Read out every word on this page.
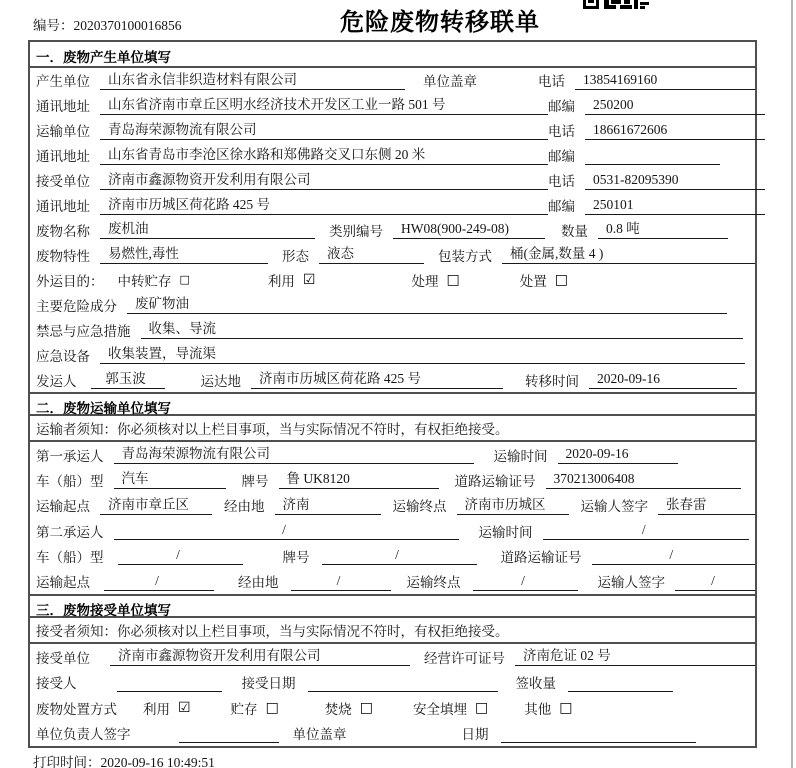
编号：2020370100016856	危险废物转移联单
一．废物产生单位填写
产生单位	山东省永信非织造材料有限公司	单位盖章	电话	13854169160
通讯地址	山东省济南市章丘区明水经济技术开发区工业一路 501 号	邮编	250200
运输单位	青岛海荣源物流有限公司	电话	18661672606
通讯地址	山东省青岛市李沧区徐水路和郑佛路交叉口东侧 20 米	邮编
接受单位	济南市鑫源物资开发利用有限公司	电话	0531-82095390
通讯地址	济南市历城区荷花路 425 号	邮编	250101
废物名称	废机油	类别编号	HW08(900-249-08)	数量	0.8 吨
废物特性	易燃性,毒性	形态	液态	包装方式	桶(金属,数量 4 )
外运目的： 中转贮存 □	利用 ☑	处理 □	处置 □
主要危险成分	废矿物油
禁忌与应急措施	收集、导流
应急设备	收集装置，导流渠
发运人	郭玉波	运达地	济南市历城区荷花路 425 号	转移时间	2020-09-16
二．废物运输单位填写
运输者须知：你必须核对以上栏目事项，当与实际情况不符时，有权拒绝接受。
第一承运人	青岛海荣源物流有限公司	运输时间	2020-09-16
车（船）型	汽车	牌号	鲁 UK8120	道路运输证号	370213006408
运输起点	济南市章丘区	经由地	济南	运输终点	济南市历城区	运输人签字	张春雷
第二承运人	/	运输时间	/
车（船）型	/	牌号	/	道路运输证号	/
运输起点	/	经由地	/	运输终点	/	运输人签字	/
三．废物接受单位填写
接受者须知：你必须核对以上栏目事项，当与实际情况不符时，有权拒绝接受。
接受单位	济南市鑫源物资开发利用有限公司	经营许可证号	济南危证 02 号
接受人	接受日期	签收量
废物处置方式 利用 ☑	贮存 □	焚烧 □	安全填埋 □	其他 □
单位负责人签字	单位盖章	日期
打印时间：2020-09-16 10:49:51
